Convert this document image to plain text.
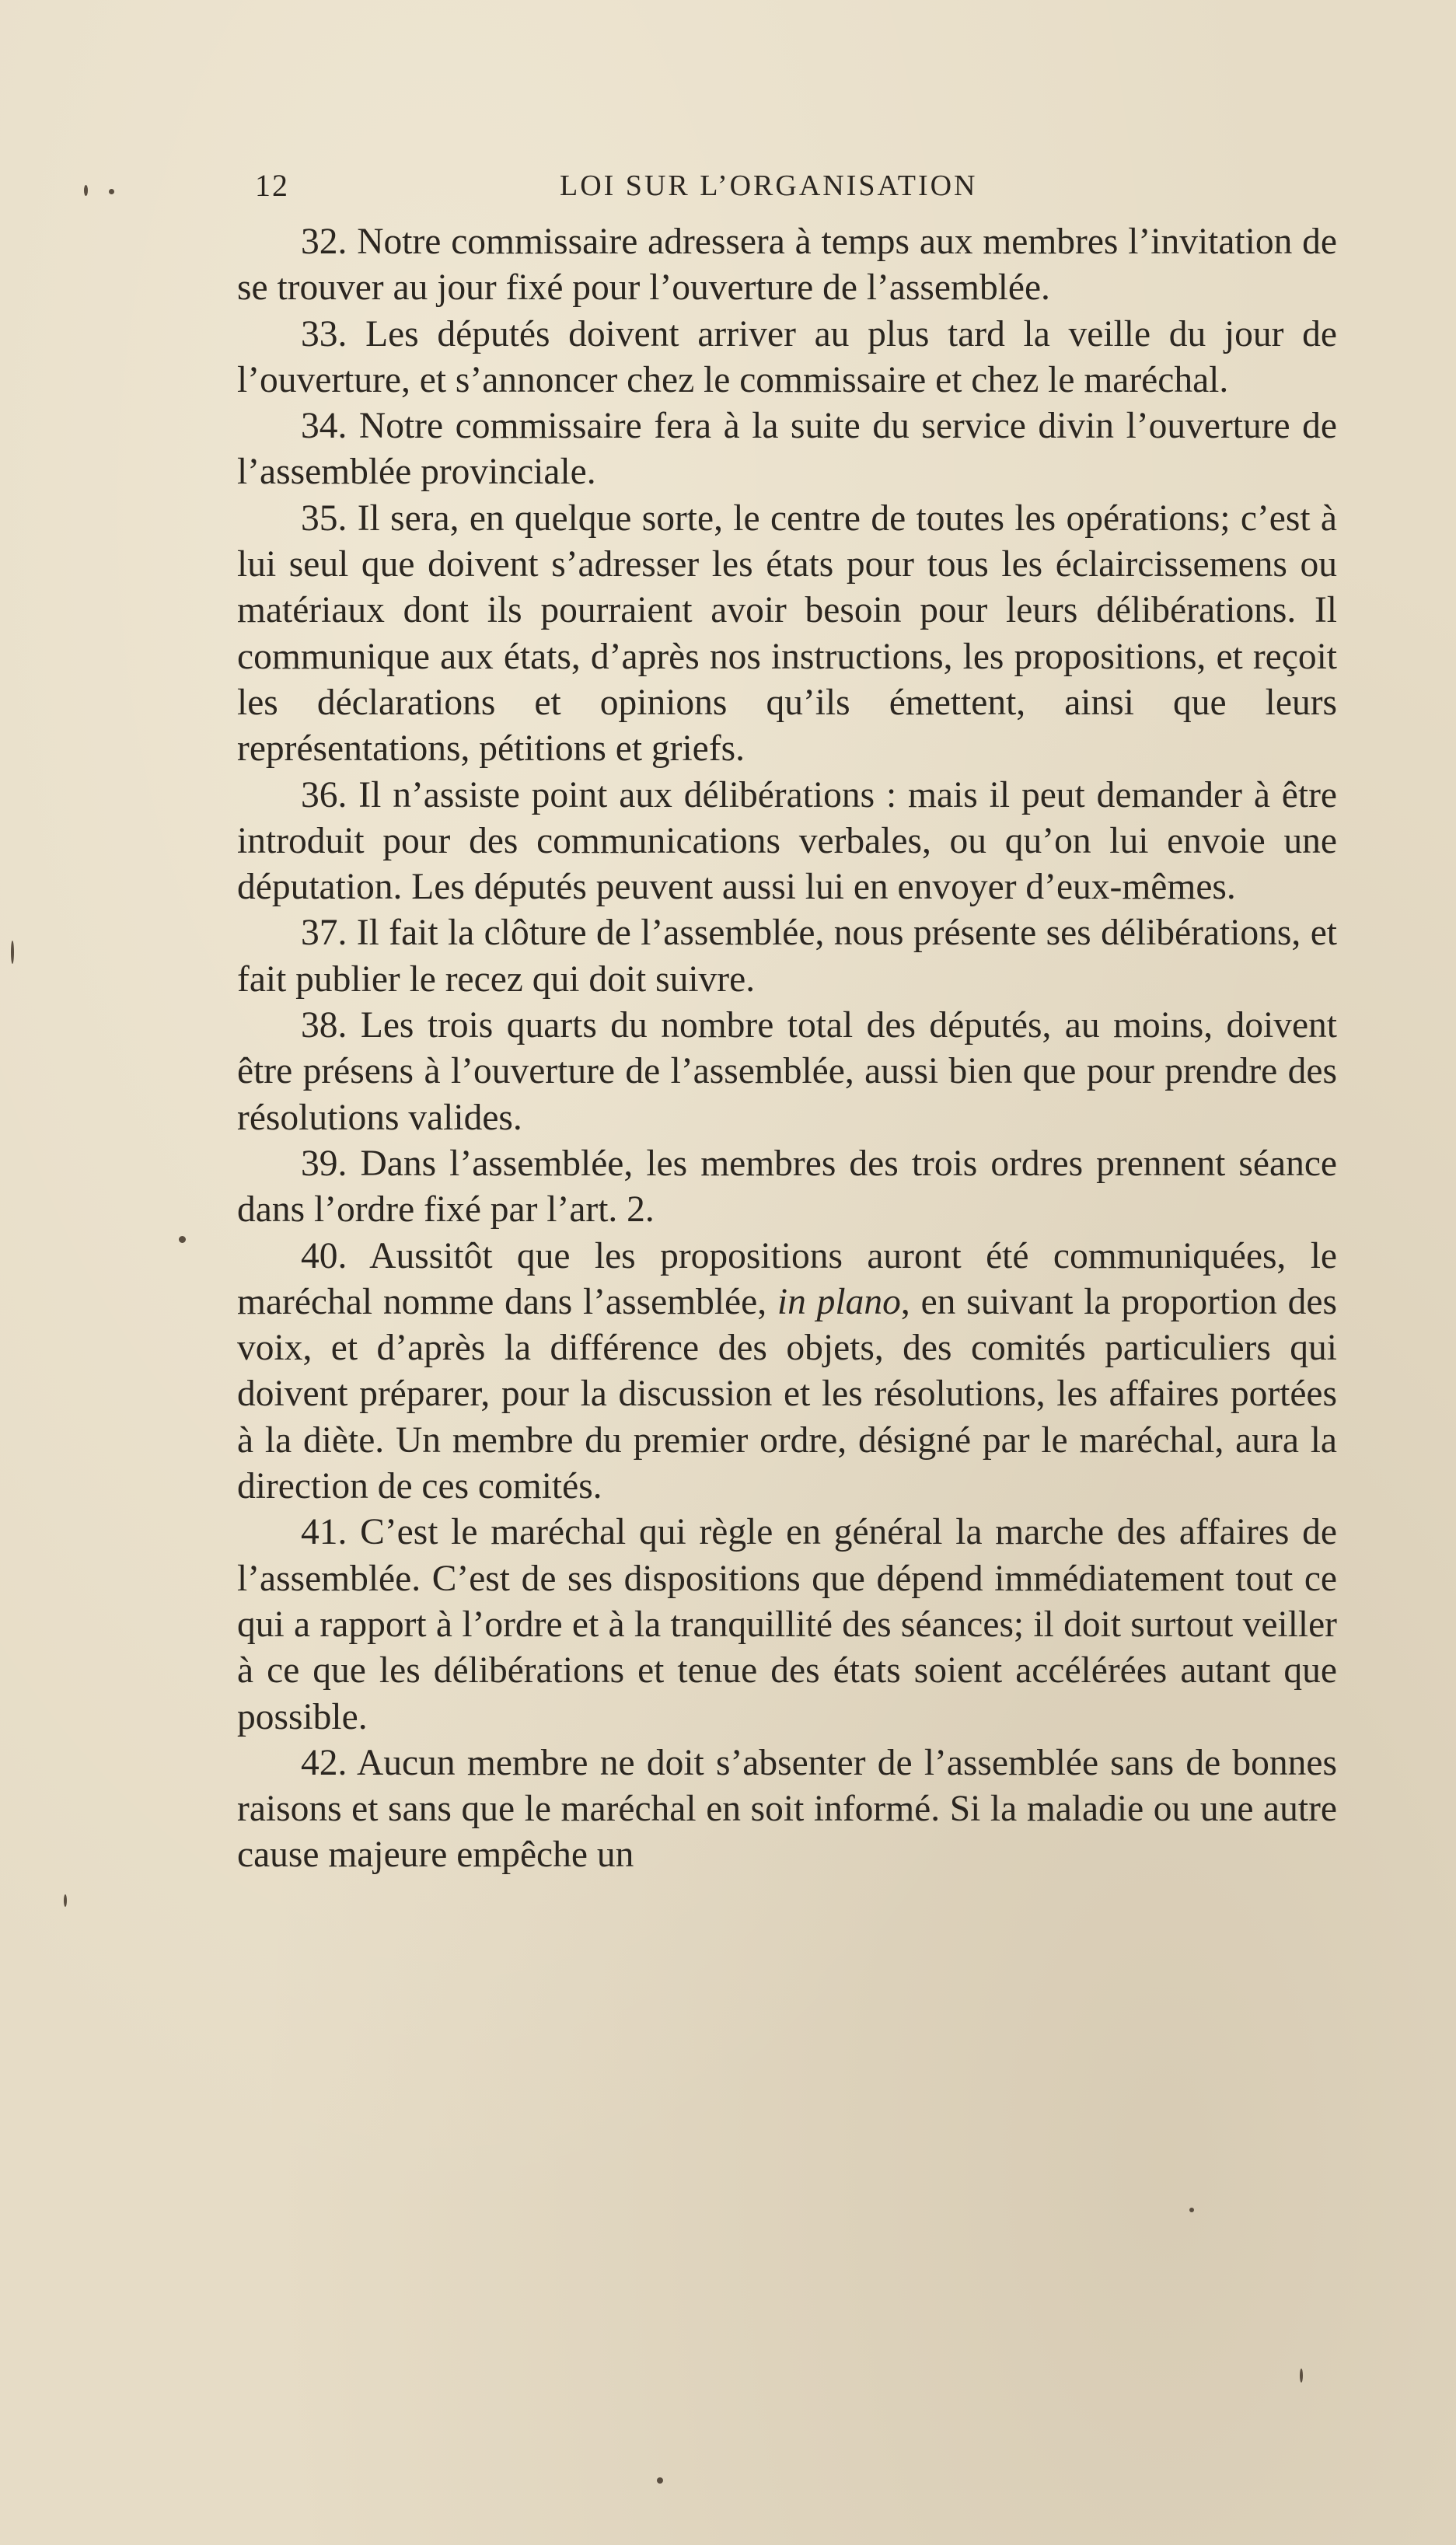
12	LOI SUR L’ORGANISATION

32. Notre commissaire adressera à temps aux membres l’invitation de se trouver au jour fixé pour l’ouverture de l’assemblée.

33. Les députés doivent arriver au plus tard la veille du jour de l’ouverture, et s’annoncer chez le commissaire et chez le maréchal.

34. Notre commissaire fera à la suite du service divin l’ouverture de l’assemblée provinciale.

35. Il sera, en quelque sorte, le centre de toutes les opérations; c’est à lui seul que doivent s’adresser les états pour tous les éclaircissemens ou matériaux dont ils pourraient avoir besoin pour leurs délibérations. Il communique aux états, d’après nos instructions, les propositions, et reçoit les déclarations et opinions qu’ils émettent, ainsi que leurs représentations, pétitions et griefs.

36. Il n’assiste point aux délibérations : mais il peut demander à être introduit pour des communications verbales, ou qu’on lui envoie une députation. Les députés peuvent aussi lui en envoyer d’eux-mêmes.

37. Il fait la clôture de l’assemblée, nous présente ses délibérations, et fait publier le recez qui doit suivre.

38. Les trois quarts du nombre total des députés, au moins, doivent être présens à l’ouverture de l’assemblée, aussi bien que pour prendre des résolutions valides.

39. Dans l’assemblée, les membres des trois ordres prennent séance dans l’ordre fixé par l’art. 2.

40. Aussitôt que les propositions auront été communiquées, le maréchal nomme dans l’assemblée, in plano, en suivant la proportion des voix, et d’après la différence des objets, des comités particuliers qui doivent préparer, pour la discussion et les résolutions, les affaires portées à la diète. Un membre du premier ordre, désigné par le maréchal, aura la direction de ces comités.

41. C’est le maréchal qui règle en général la marche des affaires de l’assemblée. C’est de ses dispositions que dépend immédiatement tout ce qui a rapport à l’ordre et à la tranquillité des séances; il doit surtout veiller à ce que les délibérations et tenue des états soient accélérées autant que possible.

42. Aucun membre ne doit s’absenter de l’assemblée sans de bonnes raisons et sans que le maréchal en soit informé. Si la maladie ou une autre cause majeure empêche un
